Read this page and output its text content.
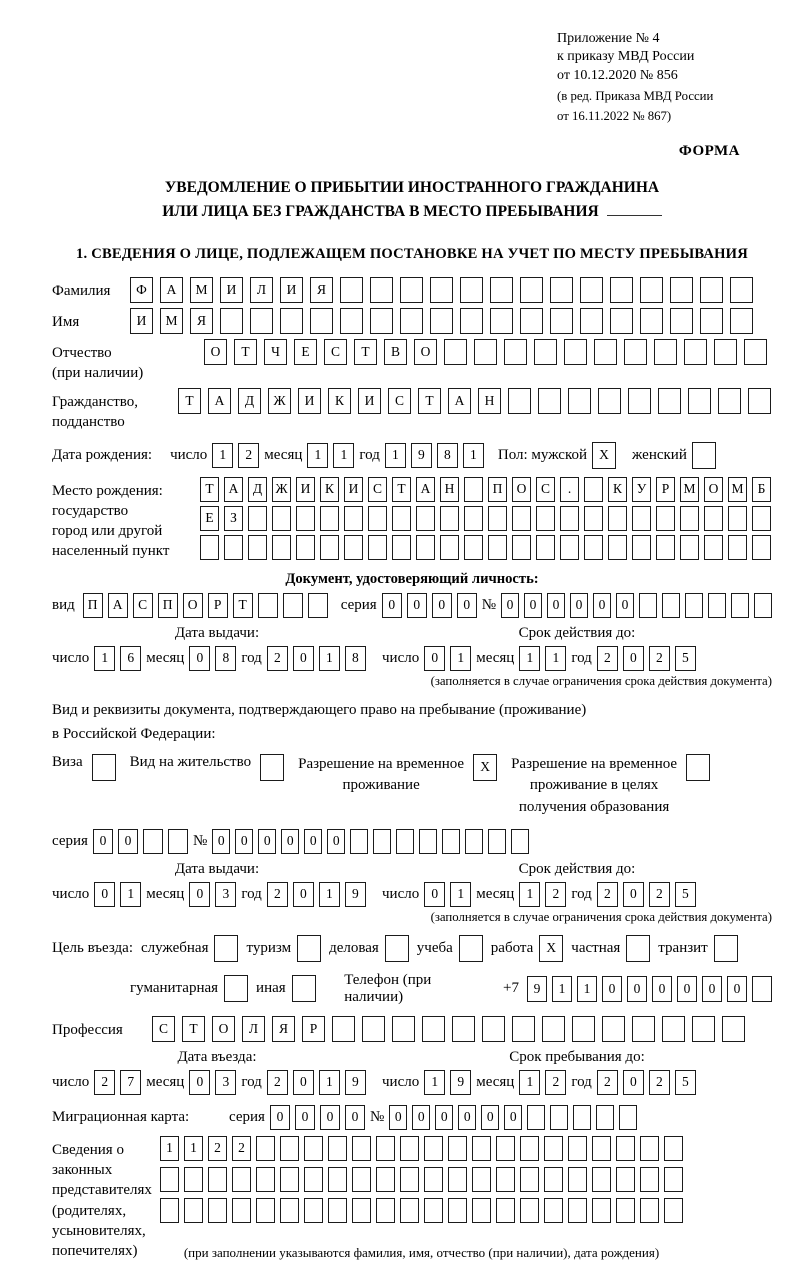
Приложение № 4
к приказу МВД России
от 10.12.2020 № 856
(в ред. Приказа МВД России
от 16.11.2022 № 867)
ФОРМА
УВЕДОМЛЕНИЕ О ПРИБЫТИИ ИНОСТРАННОГО ГРАЖДАНИНА
ИЛИ ЛИЦА БЕЗ ГРАЖДАНСТВА В МЕСТО ПРЕБЫВАНИЯ
1. СВЕДЕНИЯ О ЛИЦЕ, ПОДЛЕЖАЩЕМ ПОСТАНОВКЕ НА УЧЕТ ПО МЕСТУ ПРЕБЫВАНИЯ
Фамилия	Ф	А	М	И	Л	И	Я
Имя	И	М	Я
Отчество
(при наличии)
О	Т	Ч	Е	С	Т	В	О
Гражданство,
подданство
Т	А	Д	Ж	И	К	И	С	Т	А	Н
Дата рождения: число 1	2 месяц 1	1 год 1	9	8	1	Пол: мужской X	женский
Место рождения:
государство
город или другой
населенный пункт
Т	А	Д Ж И	К	И	С	Т	А	Н	П	О	С	.	К	У	Р	М О М	Б
Е	З
Документ, удостоверяющий личность:
вид П	А	С	П	О	Р	Т	серия 0	0	0	0 № 0	0	0	0	0	0
Дата выдачи:
число 1	6 месяц 0	8 год 2	0	1	8
Срок действия до:
число 0	1 месяц 1	1 год 2	0	2	5
(заполняется в случае ограничения срока действия документа)
Вид и реквизиты документа, подтверждающего право на пребывание (проживание)
в Российской Федерации:
Виза	Вид на жительство	Разрешение на временное
проживание
X	Разрешение на временное
проживание в целях
получения образования
серия 0	0	№ 0	0	0	0	0	0
Дата выдачи:
число 0	1 месяц 0	3 год 2	0	1	9
Срок действия до:
число 0	1 месяц 1	2 год 2	0	2	5
(заполняется в случае ограничения срока действия документа)
Цель въезда: служебная	туризм	деловая	учеба	работа X	частная	транзит
гуманитарная	иная
Телефон (при наличии)
+7	9	1	1	0	0	0	0	0	0
Профессия	С	Т	О	Л	Я	Р
Дата въезда:
число 2	7 месяц 0	3 год 2	0	1	9
Срок пребывания до:
число 1	9 месяц 1	2 год 2	0	2	5
Миграционная карта:	серия 0	0	0	0 № 0	0	0	0	0	0
Сведения о
законных
представителях
(родителях,
усыновителях,
попечителях)
1	1	2	2
(при заполнении указываются фамилия, имя, отчество (при наличии), дата рождения)
